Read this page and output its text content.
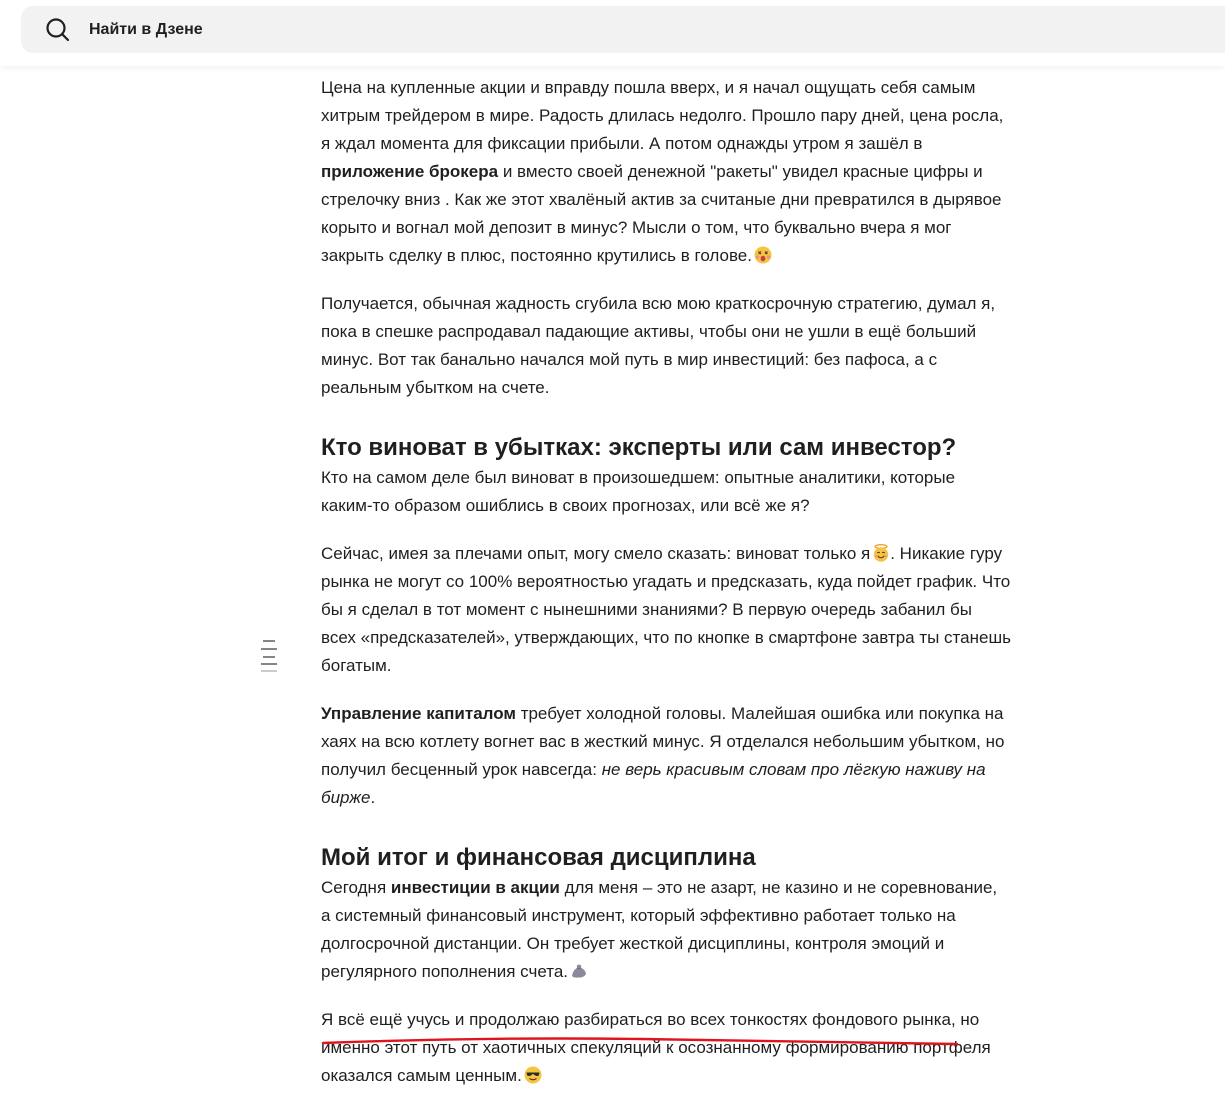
Найти в Дзене

Цена на купленные акции и вправду пошла вверх, и я начал ощущать себя самым хитрым трейдером в мире. Радость длилась недолго. Прошло пару дней, цена росла, я ждал момента для фиксации прибыли. А потом однажды утром я зашёл в приложение брокера и вместо своей денежной "ракеты" увидел красные цифры и стрелочку вниз . Как же этот хвалёный актив за считаные дни превратился в дырявое корыто и вогнал мой депозит в минус? Мысли о том, что буквально вчера я мог закрыть сделку в плюс, постоянно крутились в голове.

Получается, обычная жадность сгубила всю мою краткосрочную стратегию, думал я, пока в спешке распродавал падающие активы, чтобы они не ушли в ещё больший минус. Вот так банально начался мой путь в мир инвестиций: без пафоса, а с реальным убытком на счете.

Кто виноват в убытках: эксперты или сам инвестор?

Кто на самом деле был виноват в произошедшем: опытные аналитики, которые каким-то образом ошиблись в своих прогнозах, или всё же я?

Сейчас, имея за плечами опыт, могу смело сказать: виноват только я . Никакие гуру рынка не могут со 100% вероятностью угадать и предсказать, куда пойдет график. Что бы я сделал в тот момент с нынешними знаниями? В первую очередь забанил бы всех «предсказателей», утверждающих, что по кнопке в смартфоне завтра ты станешь богатым.

Управление капиталом требует холодной головы. Малейшая ошибка или покупка на хаях на всю котлету вогнет вас в жесткий минус. Я отделался небольшим убытком, но получил бесценный урок навсегда: не верь красивым словам про лёгкую наживу на бирже.

Мой итог и финансовая дисциплина

Сегодня инвестиции в акции для меня – это не азарт, не казино и не соревнование, а системный финансовый инструмент, который эффективно работает только на долгосрочной дистанции. Он требует жесткой дисциплины, контроля эмоций и регулярного пополнения счета.

Я всё ещё учусь и продолжаю разбираться во всех тонкостях фондового рынка, но именно этот путь от хаотичных спекуляций к осознанному формированию портфеля оказался самым ценным.
